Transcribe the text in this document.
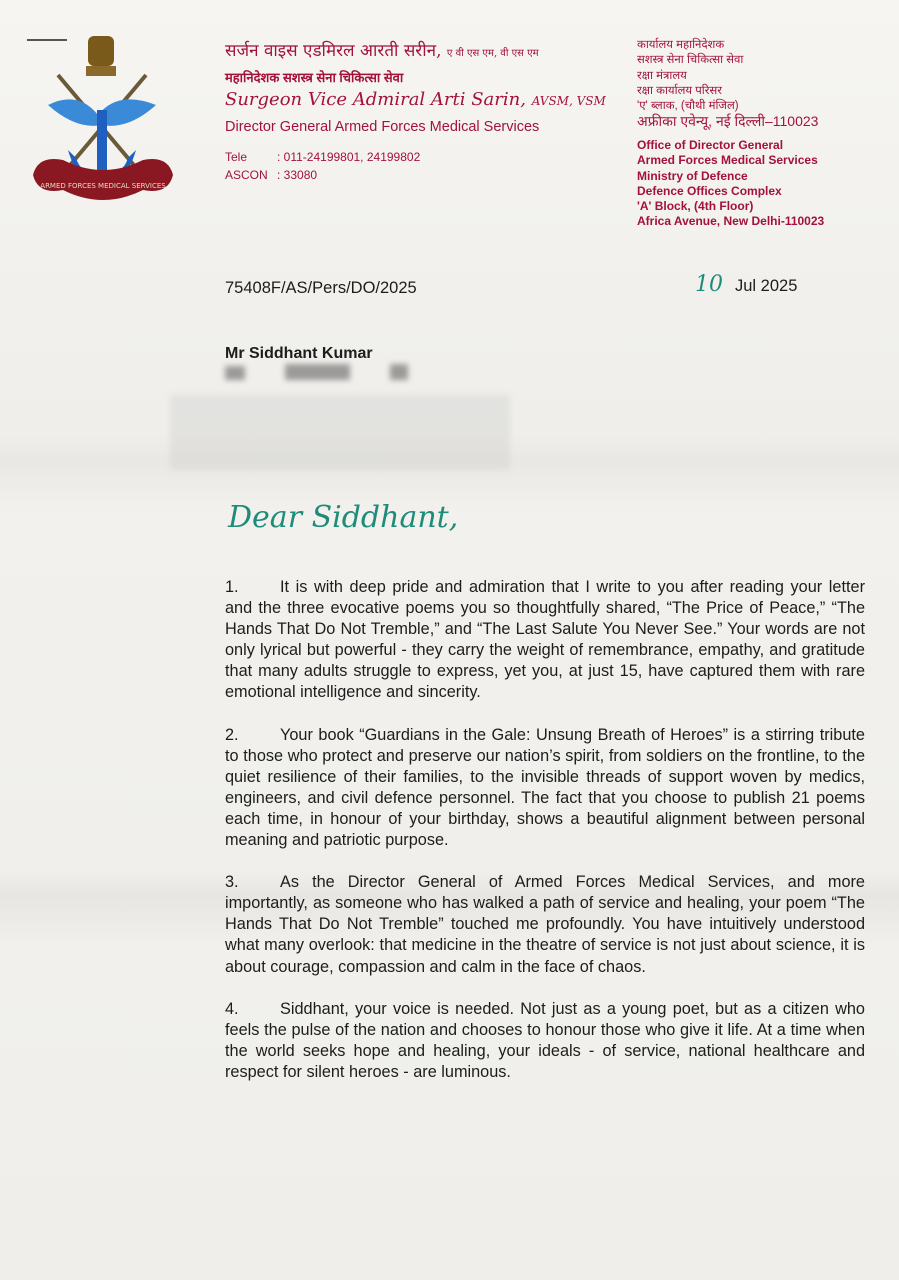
ARMED FORCES MEDICAL SERVICES
सर्जन वाइस एडमिरल आरती सरीन, ए वी एस एम, वी एस एम
महानिदेशक सशस्त्र सेना चिकित्सा सेवा
Surgeon Vice Admiral Arti Sarin, AVSM, VSM
Director General Armed Forces Medical Services
Tele : 011-24199801, 24199802
ASCON : 33080
कार्यालय महानिदेशक
सशस्त्र सेना चिकित्सा सेवा
रक्षा मंत्रालय
रक्षा कार्यालय परिसर
'ए' ब्लाक, (चौथी मंजिल)
अफ्रीका एवेन्यू, नई दिल्ली–110023
Office of Director General
Armed Forces Medical Services
Ministry of Defence
Defence Offices Complex
'A' Block, (4th Floor)
Africa Avenue, New Delhi-110023
75408F/AS/Pers/DO/2025	10 Jul 2025
Mr Siddhant Kumar
Dear Siddhant,

1.	It is with deep pride and admiration that I write to you after reading your letter and the three evocative poems you so thoughtfully shared, “The Price of Peace,” “The Hands That Do Not Tremble,” and “The Last Salute You Never See.” Your words are not only lyrical but powerful - they carry the weight of remembrance, empathy, and gratitude that many adults struggle to express, yet you, at just 15, have captured them with rare emotional intelligence and sincerity.

2.	Your book “Guardians in the Gale: Unsung Breath of Heroes” is a stirring tribute to those who protect and preserve our nation’s spirit, from soldiers on the frontline, to the quiet resilience of their families, to the invisible threads of support woven by medics, engineers, and civil defence personnel. The fact that you choose to publish 21 poems each time, in honour of your birthday, shows a beautiful alignment between personal meaning and patriotic purpose.

3.	As the Director General of Armed Forces Medical Services, and more importantly, as someone who has walked a path of service and healing, your poem “The Hands That Do Not Tremble” touched me profoundly. You have intuitively understood what many overlook: that medicine in the theatre of service is not just about science, it is about courage, compassion and calm in the face of chaos.

4.	Siddhant, your voice is needed. Not just as a young poet, but as a citizen who feels the pulse of the nation and chooses to honour those who give it life. At a time when the world seeks hope and healing, your ideals - of service, national healthcare and respect for silent heroes - are luminous.
